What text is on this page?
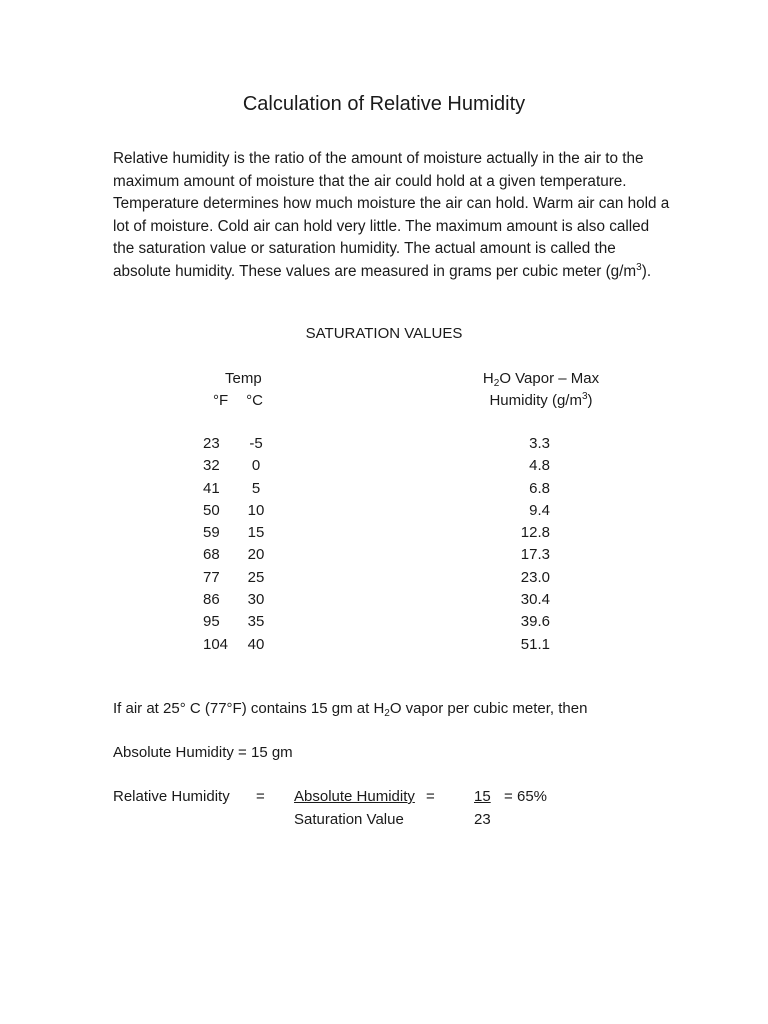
Calculation of Relative Humidity
Relative humidity is the ratio of the amount of moisture actually in the air to the maximum amount of moisture that the air could hold at a given temperature. Temperature determines how much moisture the air can hold. Warm air can hold a lot of moisture. Cold air can hold very little. The maximum amount is also called the saturation value or saturation humidity. The actual amount is called the absolute humidity. These values are measured in grams per cubic meter $(g/m^3)$.
SATURATION VALUES
Temp
°F °C
$H_2O$ Vapor – Max
Humidity $(g/m^3)$
23	-5	3.3
32	0	4.8
41	5	6.8
50	10	9.4
59	15	12.8
68	20	17.3
77	25	23.0
86	30	30.4
95	35	39.6
104	40	51.1
If air at 25° C (77°F) contains 15 gm at $H_2O$ vapor per cubic meter, then
Absolute Humidity = 15 gm
Relative Humidity = Absolute Humidity =	15 = 65%
Saturation Value	23
